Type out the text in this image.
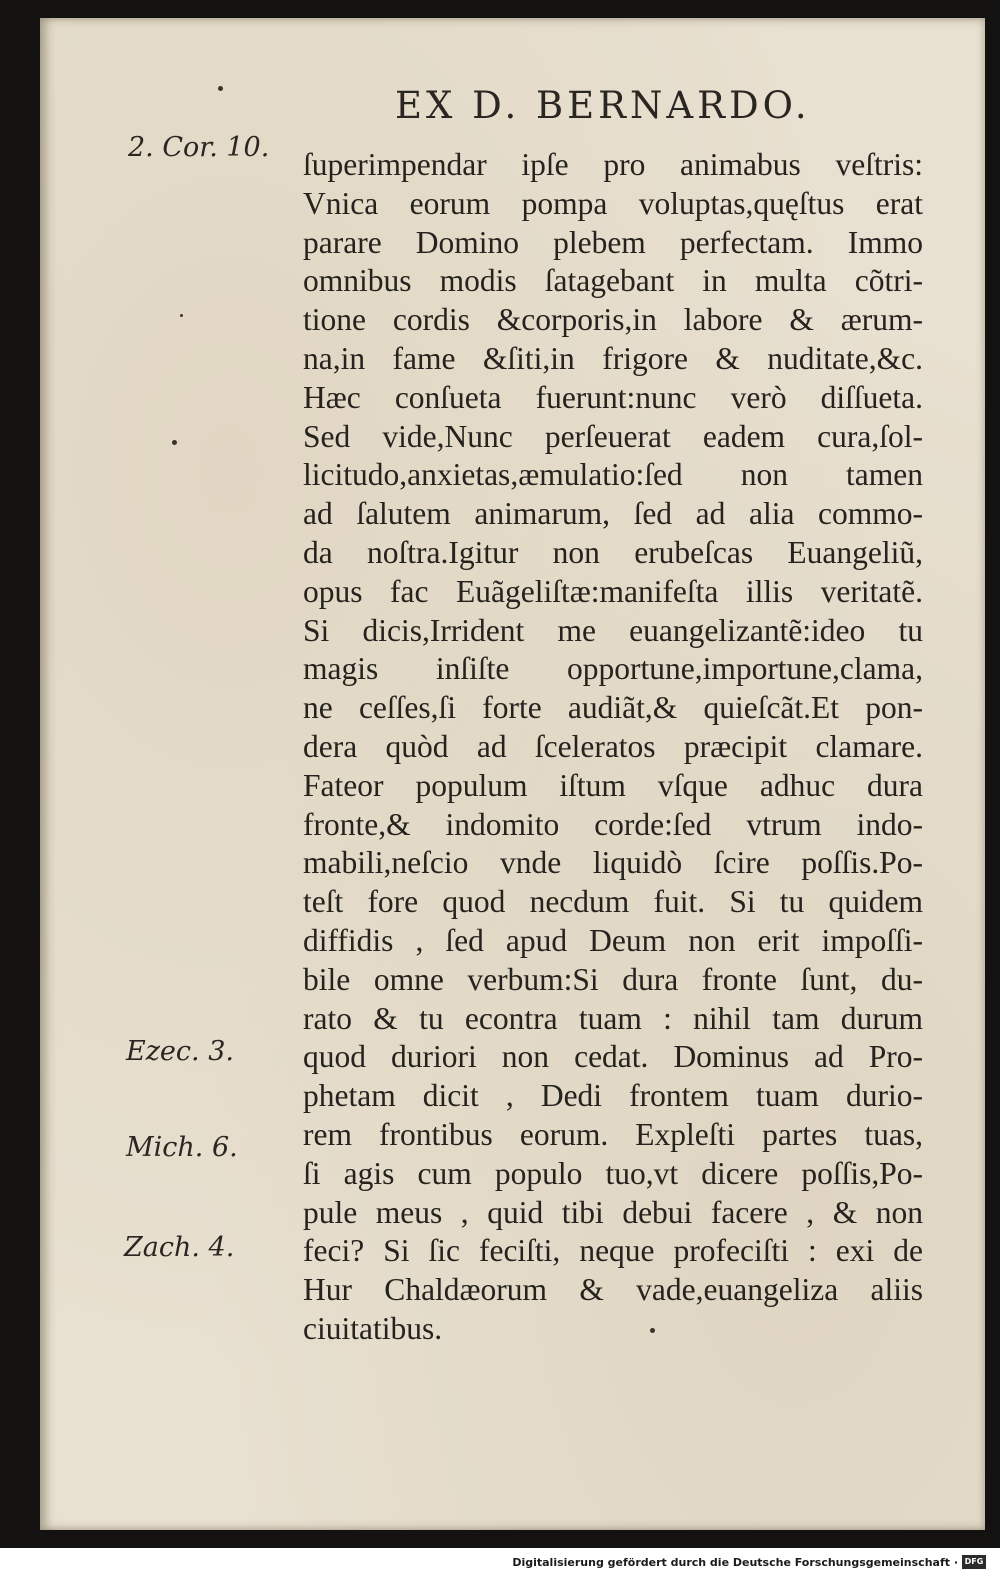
EX D. BERNARDO.
2. Cor. 10.
Ezec. 3.
Mich. 6.
Zach. 4.
ſuperimpendar ipſe pro animabus veſtris:
Vnica eorum pompa voluptas,quęſtus erat
parare Domino plebem perfectam. Immo
omnibus modis ſatagebant in multa cõtri-
tione cordis &corporis,in labore & ærum-
na,in fame &ſiti,in frigore & nuditate,&c.
Hæc conſueta fuerunt:nunc verò diſſueta.
Sed vide,Nunc perſeuerat eadem cura,ſol-
licitudo,anxietas,æmulatio:ſed non tamen
ad ſalutem animarum, ſed ad alia commo-
da noſtra.Igitur non erubeſcas Euangeliũ,
opus fac Euãgeliſtæ:manifeſta illis veritatẽ.
Si dicis,Irrident me euangelizantẽ:ideo tu
magis inſiſte opportune,importune,clama,
ne ceſſes,ſi forte audiãt,& quieſcãt.Et pon-
dera quòd ad ſceleratos præcipit clamare.
Fateor populum iſtum vſque adhuc dura
fronte,& indomito corde:ſed vtrum indo-
mabili,neſcio vnde liquidò ſcire poſſis.Po-
teſt fore quod necdum fuit. Si tu quidem
diffidis , ſed apud Deum non erit impoſſi-
bile omne verbum:Si dura fronte ſunt, du-
rato & tu econtra tuam : nihil tam durum
quod duriori non cedat. Dominus ad Pro-
phetam dicit , Dedi frontem tuam durio-
rem frontibus eorum. Expleſti partes tuas,
ſi agis cum populo tuo,vt dicere poſſis,Po-
pule meus , quid tibi debui facere , & non
feci? Si ſic feciſti, neque profeciſti : exi de
Hur Chaldæorum & vade,euangeliza aliis
ciuitatibus.
Digitalisierung gefördert durch die Deutsche Forschungsgemeinschaft · DFG
